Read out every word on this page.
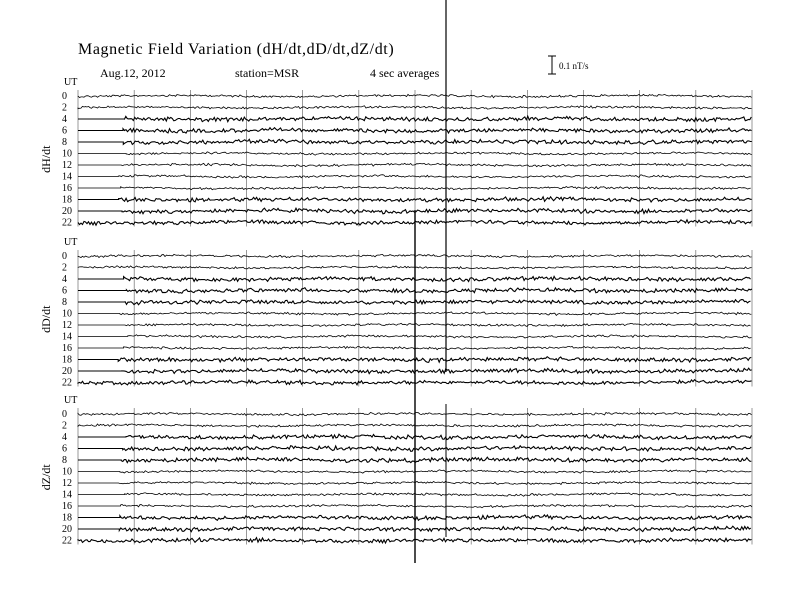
Magnetic Field Variation (dH/dt,dD/dt,dZ/dt)
Aug.12, 2012	station=MSR	4 sec averages	0.1 nT/s
UT
dH/dt
0
2
4
6
8
10
12
14
16
18
20
22
UT
dD/dt
0
2
4
6
8
10
12
14
16
18
20
22
UT
dZ/dt
0
2
4
6
8
10
12
14
16
18
20
22
